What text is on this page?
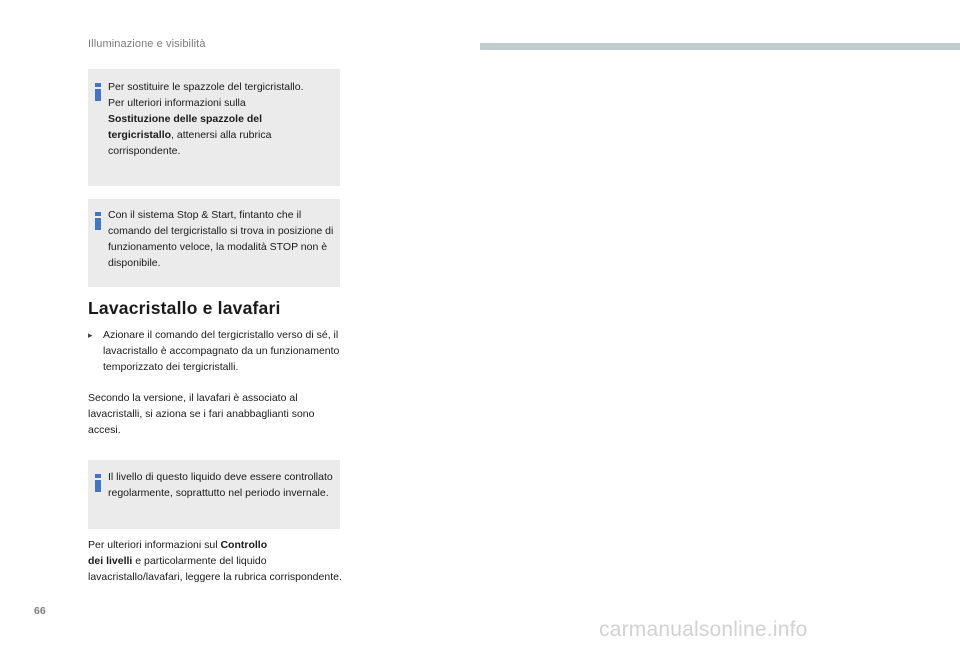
Illuminazione e visibilità
Per sostituire le spazzole del tergicristallo.
Per ulteriori informazioni sulla
Sostituzione delle spazzole del
tergicristallo, attenersi alla rubrica
corrispondente.
Con il sistema Stop & Start, fintanto che il comando del tergicristallo si trova in posizione di funzionamento veloce, la modalità STOP non è disponibile.
Lavacristallo e lavafari
▸ Azionare il comando del tergicristallo verso di sé, il lavacristallo è accompagnato da un funzionamento temporizzato dei tergicristalli.
Secondo la versione, il lavafari è associato al lavacristalli, si aziona se i fari anabbaglianti sono accesi.
Il livello di questo liquido deve essere controllato regolarmente, soprattutto nel periodo invernale.
Per ulteriori informazioni sul Controllo
dei livelli e particolarmente del liquido lavacristallo/lavafari, leggere la rubrica corrispondente.
66
carmanualsonline.info
